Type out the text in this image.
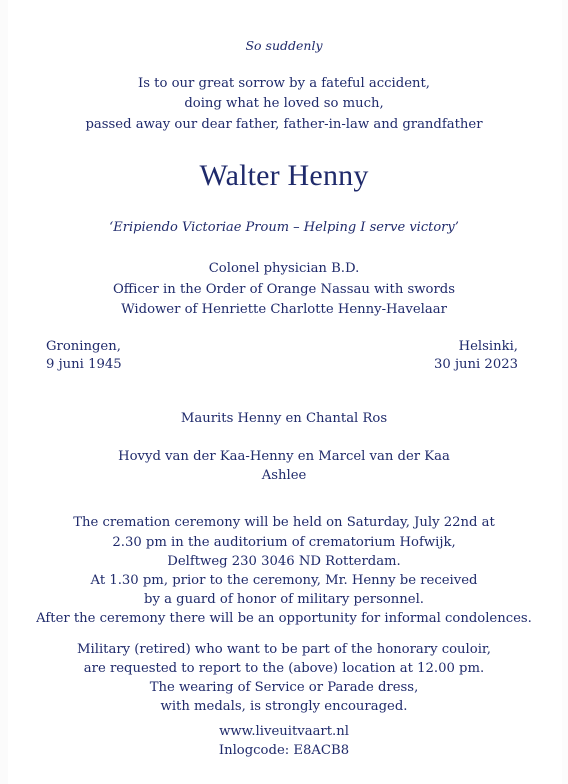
So suddenly
Is to our great sorrow by a fateful accident,
doing what he loved so much,
passed away our dear father, father-in-law and grandfather
Walter Henny
‘Eripiendo Victoriae Proum – Helping I serve victory’
Colonel physician B.D.
Officer in the Order of Orange Nassau with swords
Widower of Henriette Charlotte Henny-Havelaar
Groningen,
9 juni 1945
Helsinki,
30 juni 2023
Maurits Henny en Chantal Ros
Hovyd van der Kaa-Henny en Marcel van der Kaa
Ashlee
The cremation ceremony will be held on Saturday, July 22nd at
2.30 pm in the auditorium of crematorium Hofwijk,
Delftweg 230 3046 ND Rotterdam.
At 1.30 pm, prior to the ceremony, Mr. Henny be received
by a guard of honor of military personnel.
After the ceremony there will be an opportunity for informal condolences.
Military (retired) who want to be part of the honorary couloir,
are requested to report to the (above) location at 12.00 pm.
The wearing of Service or Parade dress,
with medals, is strongly encouraged.
www.liveuitvaart.nl
Inlogcode: E8ACB8
